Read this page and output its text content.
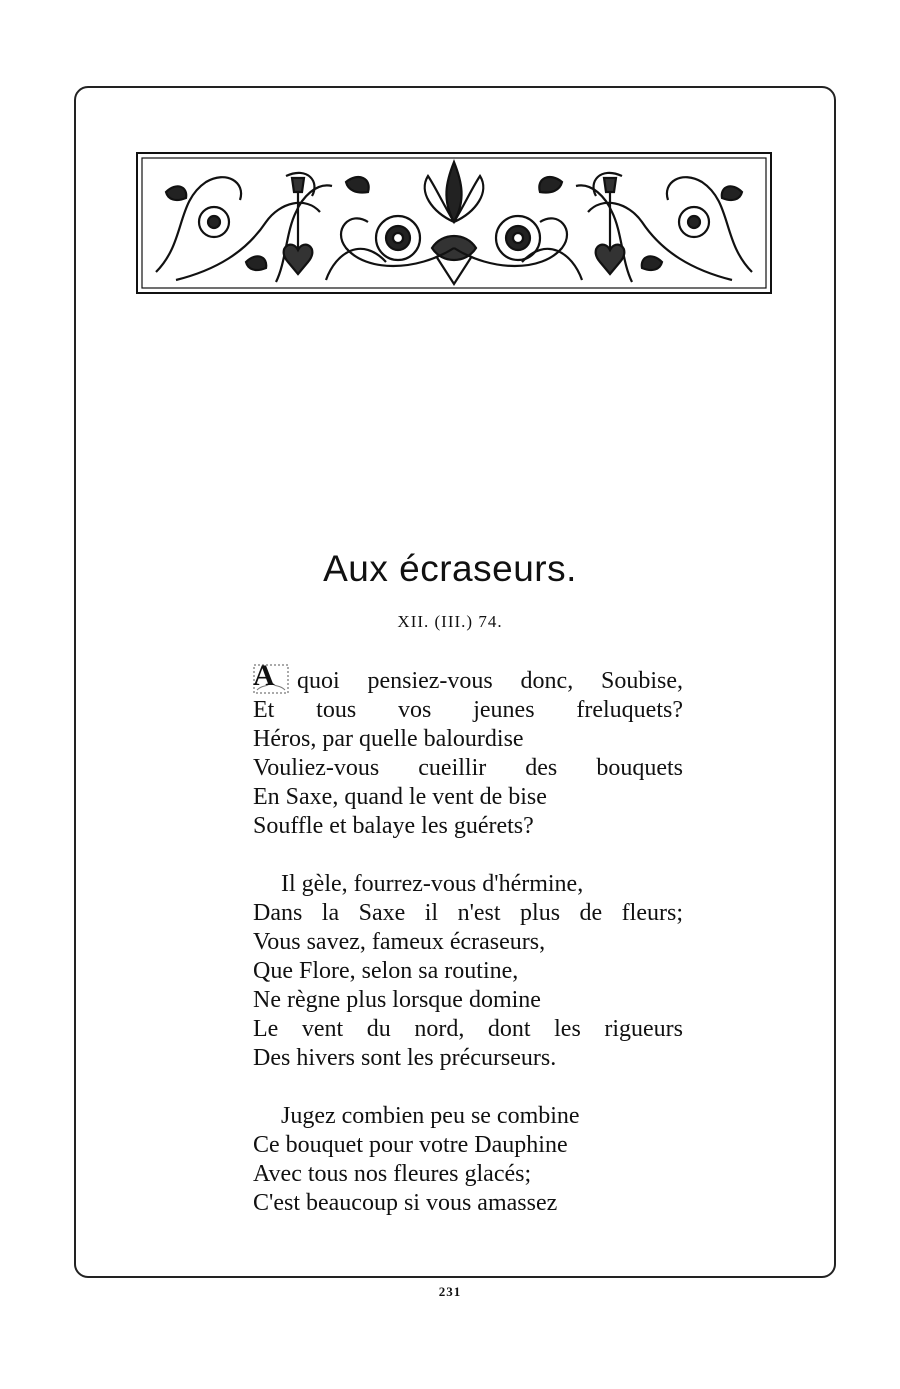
Aux écraseurs.
XII. (III.) 74.
A quoi pensiez-vous donc, Soubise,
Et tous vos jeunes freluquets?
Héros, par quelle balourdise
Vouliez-vous cueillir des bouquets
En Saxe, quand le vent de bise
Souffle et balaye les guérets?
Il gèle, fourrez-vous d'hérmine,
Dans la Saxe il n'est plus de fleurs;
Vous savez, fameux écraseurs,
Que Flore, selon sa routine,
Ne règne plus lorsque domine
Le vent du nord, dont les rigueurs
Des hivers sont les précurseurs.
Jugez combien peu se combine
Ce bouquet pour votre Dauphine
Avec tous nos fleures glacés;
C'est beaucoup si vous amassez
231
